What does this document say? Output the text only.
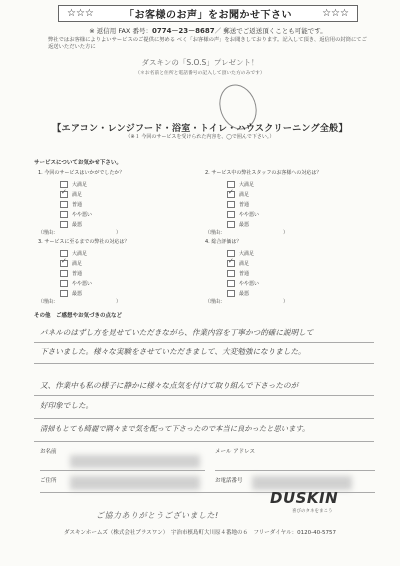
☆☆☆	「お客様のお声」をお聞かせ下さい	☆☆☆
※ 返信用 FAX 番号：0774－23－8687／ 郵送でご返送頂くことも可能です。
弊社ではお客様によりよいサービスのご提供に努める べく「お客様の声」をお聞きしております。記入して頂き、返信用の封筒にてご返送いただいた方に
ダスキンの「S.O.S」プレゼント！
（＊お名前と住所と電話番号の記入して頂いた方のみです）
【エアコン・レンジフード・浴室・トイレ・ハウスクリーニング全般】
（※１ 今回のサービスを受けられた内容を、◯で囲んで下さい。）
サービスについてお気かせ下さい。
1. 今回のサービスはいかがでしたか？
大満足
✓
満足
普通
やや悪い
最悪
（理由：	）
2. サービス中の弊社スタッフのお客様への対応は？
大満足
✓
満足
普通
やや悪い
最悪
（理由：	）
3. サービスに至るまでの弊社の対応は？
大満足
✓
満足
普通
やや悪い
最悪
（理由：	）
4. 総合評価は？
大満足
✓
満足
普通
やや悪い
最悪
（理由：	）
その他　ご感想やお気づきの点など
パネルのはずし方を見せていただきながら、作業内容を丁寧かつ的確に説明して
下さいました。様々な実験をさせていただきまして、大変勉強になりました。
又、作業中も私の様子に静かに様々な点気を付けて取り組んで下さったのが
好印象でした。
清掃もとても綺麗で隅々まで気を配って下さったので本当に良かったと思います。
お名前	メール アドレス
ご住所	お電話番号
ご協力ありがとうございました!
DUSKIN
喜びのタネをまこう
ダスキンホームズ（株式会社プラスワン）　宇治市槙島町大川原４番地の６　フリーダイヤル：0120-40-5757
